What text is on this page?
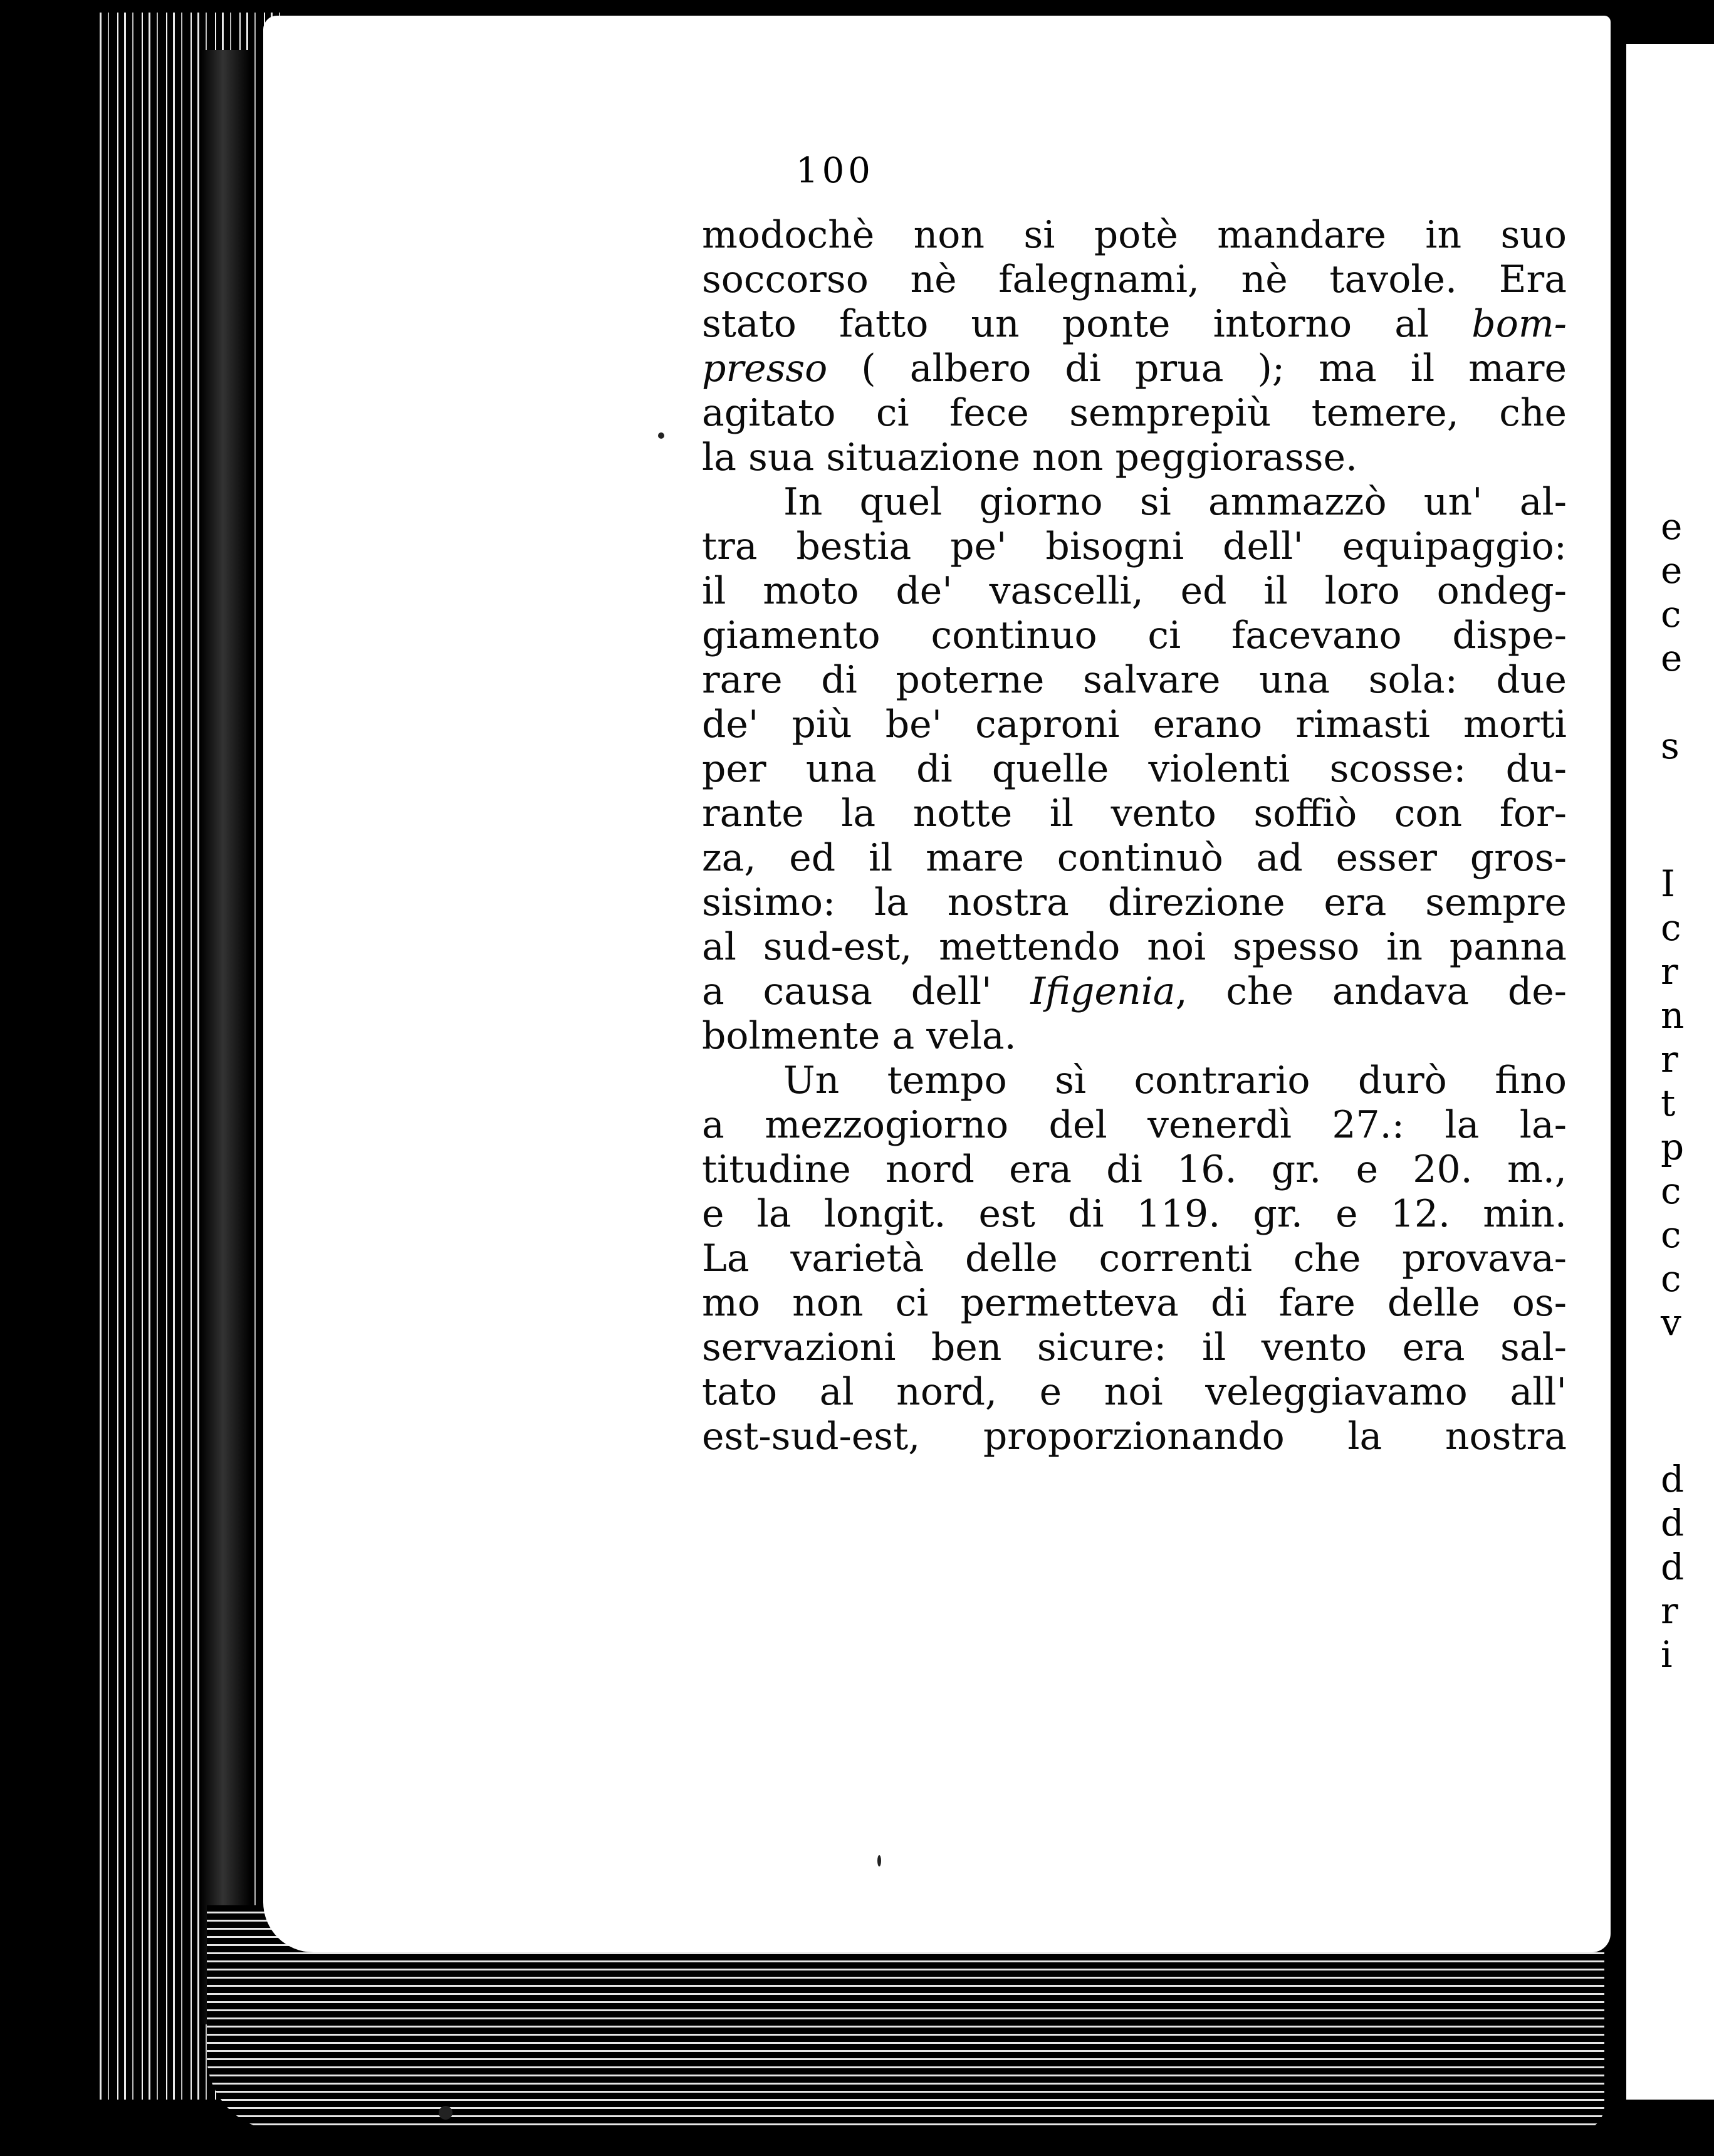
e
e
c
e
s
I
c
r
n
r
t
p
c
c
c
v
d
d
d
r
i
100
modochè non si potè mandare in suo
soccorso nè falegnami, nè tavole. Era
stato fatto un ponte intorno al bom-
presso ( albero di prua ); ma il mare
agitato ci fece semprepiù temere, che
la sua situazione non peggiorasse.
In quel giorno si ammazzò un' al-
tra bestia pe' bisogni dell' equipaggio:
il moto de' vascelli, ed il loro ondeg-
giamento continuo ci facevano dispe-
rare di poterne salvare una sola: due
de' più be' caproni erano rimasti morti
per una di quelle violenti scosse: du-
rante la notte il vento soffiò con for-
za, ed il mare continuò ad esser gros-
sisimo: la nostra direzione era sempre
al sud-est, mettendo noi spesso in panna
a causa dell' Ifigenia, che andava de-
bolmente a vela.
Un tempo sì contrario durò fino
a mezzogiorno del venerdì 27.: la la-
titudine nord era di 16. gr. e 20. m.,
e la longit. est di 119. gr. e 12. min.
La varietà delle correnti che provava-
mo non ci permetteva di fare delle os-
servazioni ben sicure: il vento era sal-
tato al nord, e noi veleggiavamo all'
est-sud-est, proporzionando la nostra
